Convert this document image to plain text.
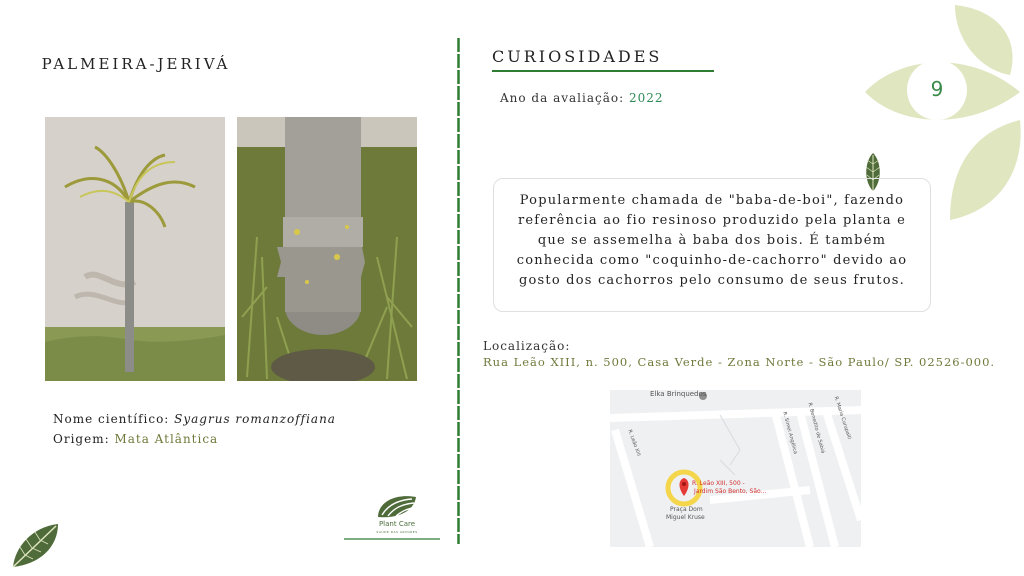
9
PALMEIRA-JERIVÁ
Nome científico: Syagrus romanzoffiana
Origem: Mata Atlântica
Plant Care
SAÚDE DAS ÁRVORES
CURIOSIDADES
Ano da avaliação: 2022
Popularmente chamada de "baba-de-boi", fazendo referência ao fio resinoso produzido pela planta e que se assemelha à baba dos bois. É também conhecida como "coquinho-de-cachorro" devido ao gosto dos cachorros pelo consumo de seus frutos.
Localização:
Rua Leão XIII, n. 500, Casa Verde - Zona Norte - São Paulo/ SP. 02526-000.
Elka Brinquedos
R. Leão XIII	R. Simei Angélica R. Benedito de Sabiá R. Maria Curupaiti
R. Leão XIII, 500 -
Jardim São Bento, São...
Praça Dom
Miguel Kruse
